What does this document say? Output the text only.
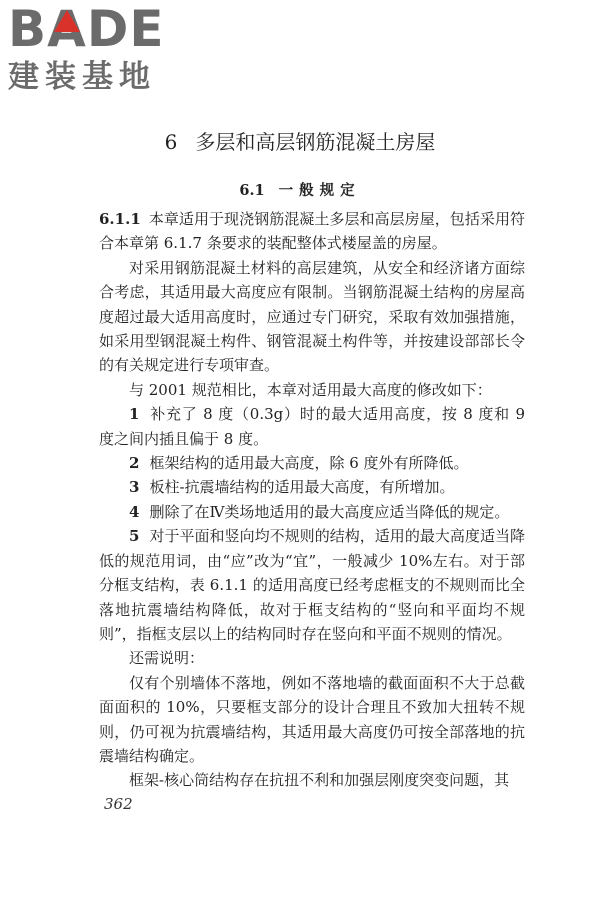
B A DE
建装基地
6 多层和高层钢筋混凝土房屋
6.1 一般规定

6.1.1 本章适用于现浇钢筋混凝土多层和高层房屋，包括采用符合本章第 6.1.7 条要求的装配整体式楼屋盖的房屋。

对采用钢筋混凝土材料的高层建筑，从安全和经济诸方面综合考虑，其适用最大高度应有限制。当钢筋混凝土结构的房屋高度超过最大适用高度时，应通过专门研究，采取有效加强措施，如采用型钢混凝土构件、钢管混凝土构件等，并按建设部部长令的有关规定进行专项审查。

与 2001 规范相比，本章对适用最大高度的修改如下：

1 补充了 8 度（0.3g）时的最大适用高度，按 8 度和 9 度之间内插且偏于 8 度。

2 框架结构的适用最大高度，除 6 度外有所降低。

3 板柱-抗震墙结构的适用最大高度，有所增加。

4 删除了在Ⅳ类场地适用的最大高度应适当降低的规定。

5 对于平面和竖向均不规则的结构，适用的最大高度适当降低的规范用词，由“应”改为“宜”，一般减少 10%左右。对于部分框支结构，表 6.1.1 的适用高度已经考虑框支的不规则而比全落地抗震墙结构降低，故对于框支结构的“竖向和平面均不规则”，指框支层以上的结构同时存在竖向和平面不规则的情况。

还需说明：

仅有个别墙体不落地，例如不落地墙的截面面积不大于总截面面积的 10%，只要框支部分的设计合理且不致加大扭转不规则，仍可视为抗震墙结构，其适用最大高度仍可按全部落地的抗震墙结构确定。

框架-核心筒结构存在抗扭不利和加强层刚度突变问题，其

362
